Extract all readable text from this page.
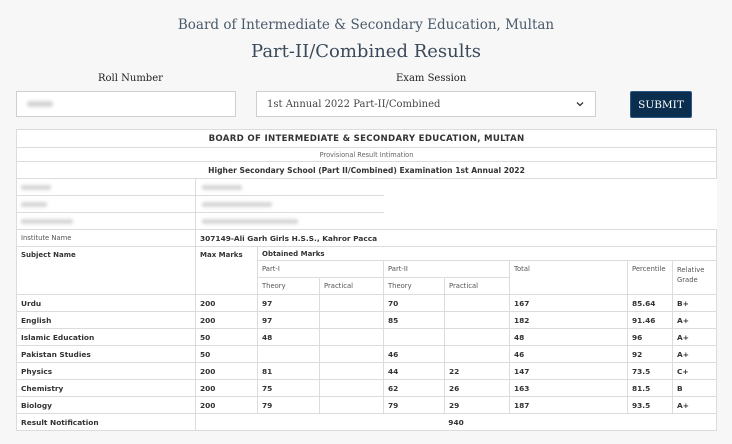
Board of Intermediate & Secondary Education, Multan
Part-II/Combined Results
Roll Number	Exam Session
1st Annual 2022 Part-II/Combined	SUBMIT
BOARD OF INTERMEDIATE & SECONDARY EDUCATION, MULTAN								
Provisional Result Intimation								
Higher Secondary School (Part II/Combined) Examination 1st Annual 2022								

Institute Name	307149-Ali Garh Girls H.S.S., Kahror Pacca							
Subject Name	Max Marks	Obtained Marks						
		Part-I		Part-II		Total	Percentile	Relative Grade
		Theory	Practical	Theory	Practical			
Urdu	200	97		70		167	85.64	B+
English	200	97		85		182	91.46	A+
Islamic Education	50	48				48	96	A+
Pakistan Studies	50			46		46	92	A+
Physics	200	81		44	22	147	73.5	C+
Chemistry	200	75		62	26	163	81.5	B
Biology	200	79		79	29	187	93.5	A+
Result Notification	940							
